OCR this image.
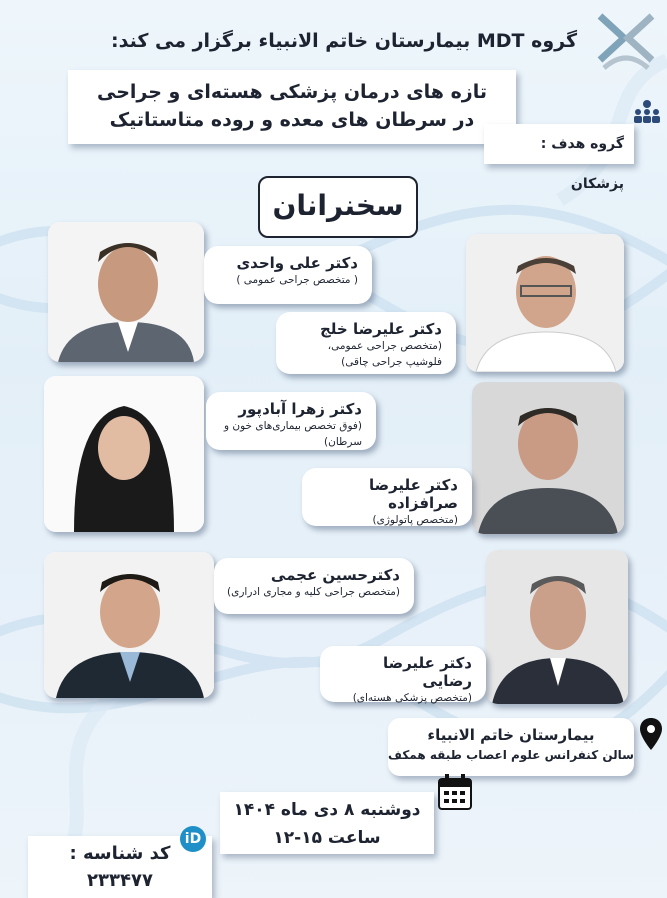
گروه MDT بیمارستان خاتم الانبیاء برگزار می کند:
تازه های درمان پزشکی هسته‌ای و جراحی
در سرطان های معده و روده متاستاتیک
گروه هدف : پزشکان
سخنرانان
دکتر علی واحدی
( متخصص جراحی عمومی )
دکتر علیرضا خلج
(متخصص جراحی عمومی،
فلوشیپ جراحی چاقی)
دکتر زهرا آبادپور
(فوق تخصص بیماری‌های خون و
سرطان)
دکتر علیرضا صرافزاده
(متخصص پاتولوژی)
دکترحسین عجمی
(متخصص جراحی کلیه و مجاری ادراری)
دکتر علیرضا رضایی
(متخصص پزشکی هسته‌ای)
بیمارستان خاتم الانبیاء
سالن کنفرانس علوم اعصاب طبقه همکف
دوشنبه ۸ دی ماه ۱۴۰۴
ساعت ۱۵-۱۲
کد شناسه :
۲۳۳۴۷۷
iD
